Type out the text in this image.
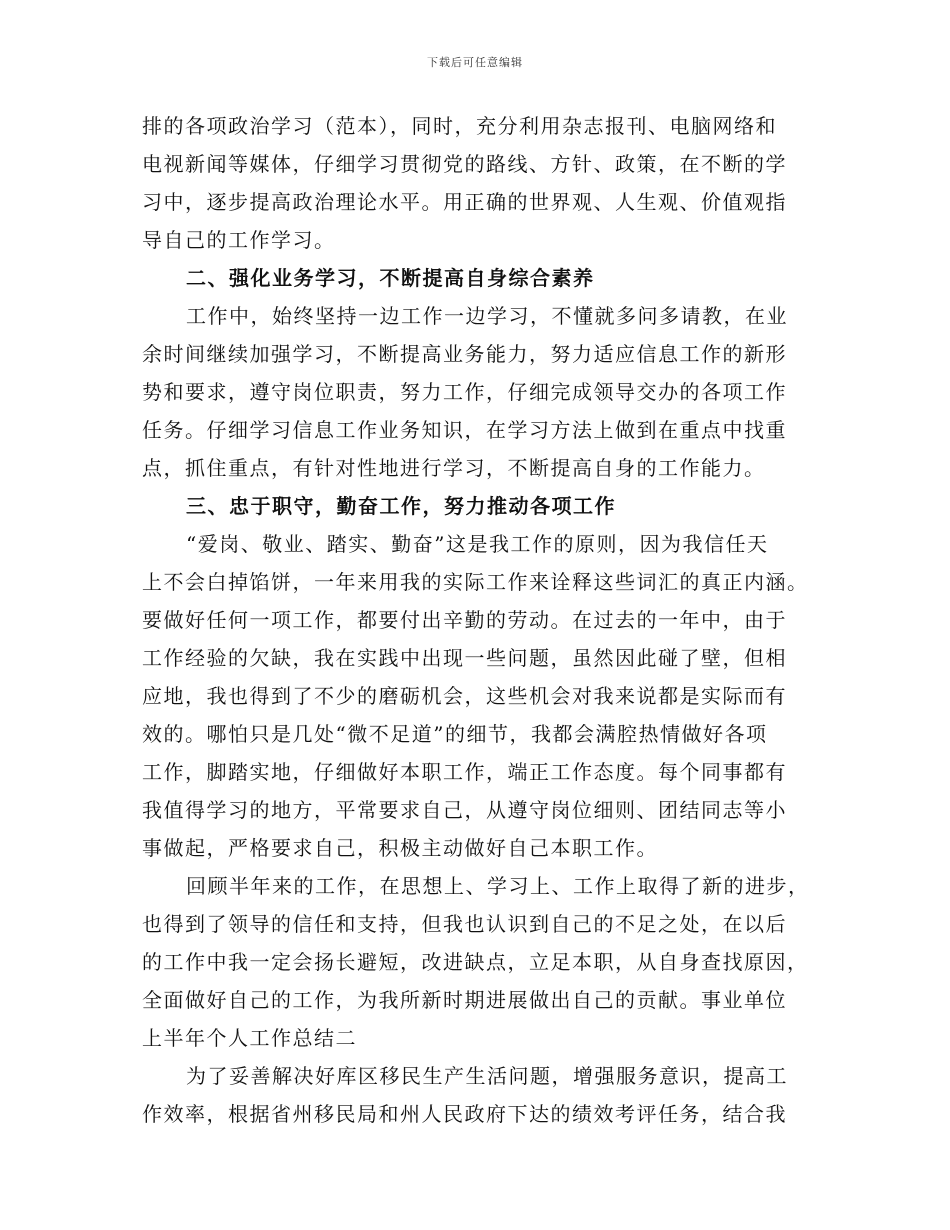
下载后可任意编辑
排的各项政治学习（范本），同时，充分利用杂志报刊、电脑网络和
电视新闻等媒体，仔细学习贯彻党的路线、方针、政策，在不断的学
习中，逐步提高政治理论水平。用正确的世界观、人生观、价值观指
导自己的工作学习。
二、强化业务学习，不断提高自身综合素养
工作中，始终坚持一边工作一边学习，不懂就多问多请教，在业
余时间继续加强学习，不断提高业务能力，努力适应信息工作的新形
势和要求，遵守岗位职责，努力工作，仔细完成领导交办的各项工作
任务。仔细学习信息工作业务知识，在学习方法上做到在重点中找重
点，抓住重点，有针对性地进行学习，不断提高自身的工作能力。
三、忠于职守，勤奋工作，努力推动各项工作
“爱岗、敬业、踏实、勤奋”这是我工作的原则，因为我信任天
上不会白掉馅饼，一年来用我的实际工作来诠释这些词汇的真正内涵。
要做好任何一项工作，都要付出辛勤的劳动。在过去的一年中，由于
工作经验的欠缺，我在实践中出现一些问题，虽然因此碰了壁，但相
应地，我也得到了不少的磨砺机会，这些机会对我来说都是实际而有
效的。哪怕只是几处“微不足道”的细节，我都会满腔热情做好各项
工作，脚踏实地，仔细做好本职工作，端正工作态度。每个同事都有
我值得学习的地方，平常要求自己，从遵守岗位细则、团结同志等小
事做起，严格要求自己，积极主动做好自己本职工作。
回顾半年来的工作，在思想上、学习上、工作上取得了新的进步，
也得到了领导的信任和支持，但我也认识到自己的不足之处，在以后
的工作中我一定会扬长避短，改进缺点，立足本职，从自身查找原因，
全面做好自己的工作，为我所新时期进展做出自己的贡献。事业单位
上半年个人工作总结二
为了妥善解决好库区移民生产生活问题，增强服务意识，提高工
作效率，根据省州移民局和州人民政府下达的绩效考评任务，结合我
